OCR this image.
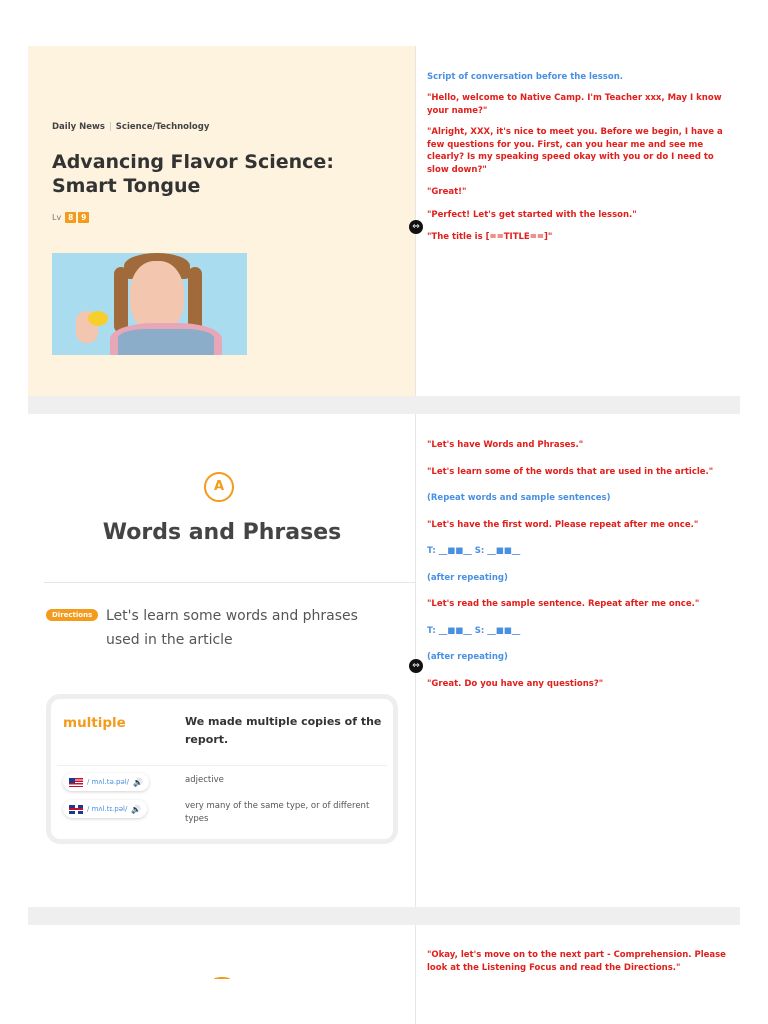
Daily News | Science/Technology
Advancing Flavor Science: Smart Tongue
Lv 8	9
Script of conversation before the lesson.
"Hello, welcome to Native Camp. I'm Teacher xxx, May I know your name?"
"Alright, XXX, it's nice to meet you. Before we begin, I have a few questions for you. First, can you hear me and see me clearly? Is my speaking speed okay with you or do I need to slow down?"
"Great!"
"Perfect! Let's get started with the lesson."
"The title is [==TITLE==]"
⇔
A
Words and Phrases
Directions Let's learn some words and phrases used in the article
multiple	We made multiple copies of the report.
/ mʌl.tə.pəl/ 🔊
/ mʌl.tɪ.pəl/ 🔊
adjective
very many of the same type, or of different types
"Let's have Words and Phrases."
"Let's learn some of the words that are used in the article."
(Repeat words and sample sentences)
"Let's have the first word. Please repeat after me once."
T: __■■__ S: __■■__
(after repeating)
"Let's read the sample sentence. Repeat after me once."
T: __■■__ S: __■■__
(after repeating)
"Great. Do you have any questions?"
⇔
"Okay, let's move on to the next part - Comprehension. Please look at the Listening Focus and read the Directions."
